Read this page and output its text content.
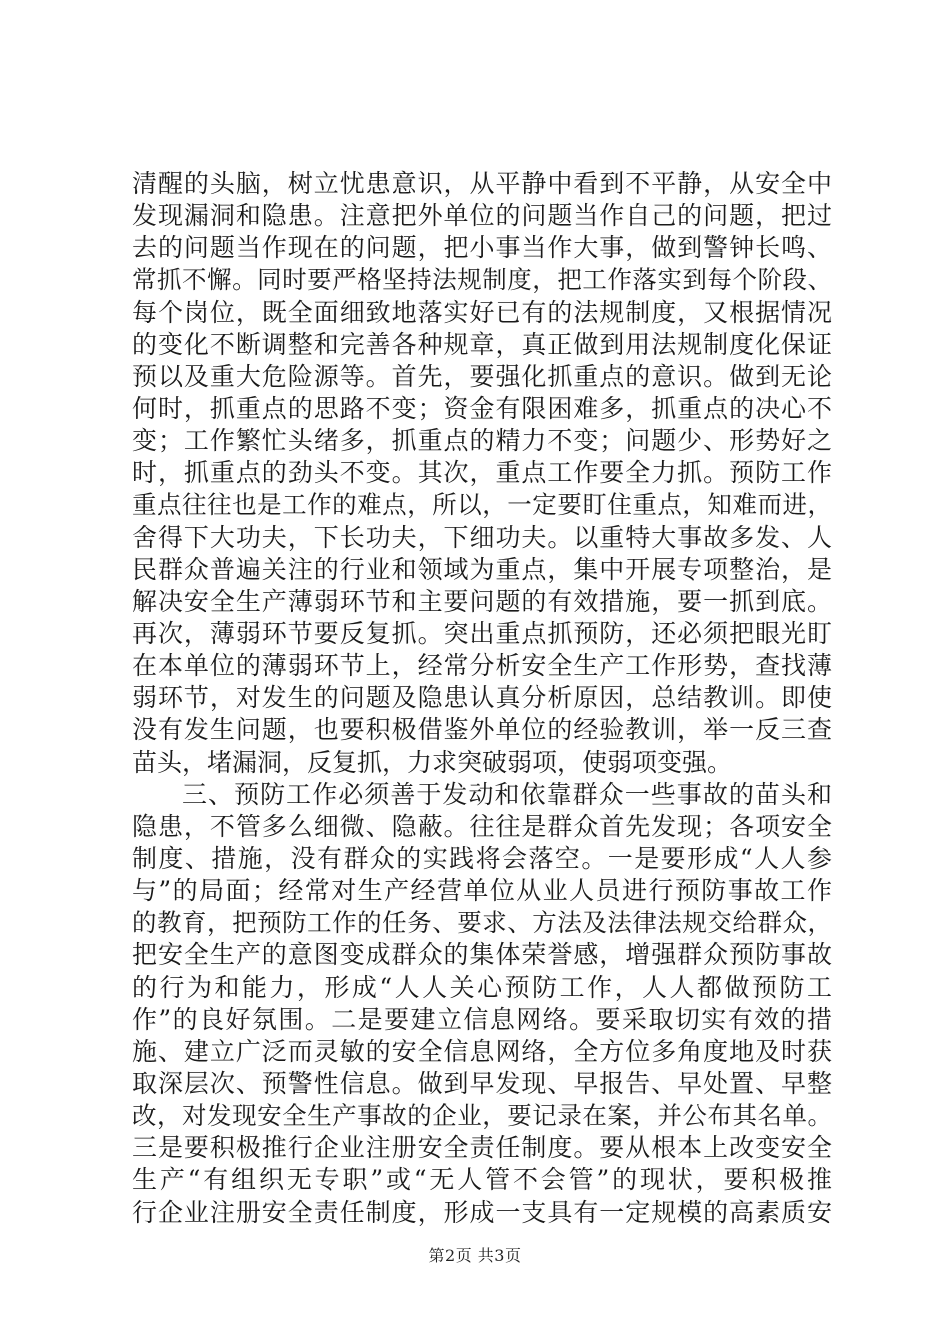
清醒的头脑，树立忧患意识，从平静中看到不平静，从安全中
发现漏洞和隐患。注意把外单位的问题当作自己的问题，把过
去的问题当作现在的问题，把小事当作大事，做到警钟长鸣、
常抓不懈。同时要严格坚持法规制度，把工作落实到每个阶段、
每个岗位，既全面细致地落实好已有的法规制度，又根据情况
的变化不断调整和完善各种规章，真正做到用法规制度化保证
预以及重大危险源等。首先，要强化抓重点的意识。做到无论
何时，抓重点的思路不变；资金有限困难多，抓重点的决心不
变；工作繁忙头绪多，抓重点的精力不变；问题少、形势好之
时，抓重点的劲头不变。其次，重点工作要全力抓。预防工作
重点往往也是工作的难点，所以，一定要盯住重点，知难而进，
舍得下大功夫，下长功夫，下细功夫。以重特大事故多发、人
民群众普遍关注的行业和领域为重点，集中开展专项整治，是
解决安全生产薄弱环节和主要问题的有效措施，要一抓到底。
再次，薄弱环节要反复抓。突出重点抓预防，还必须把眼光盯
在本单位的薄弱环节上，经常分析安全生产工作形势，查找薄
弱环节，对发生的问题及隐患认真分析原因，总结教训。即使
没有发生问题，也要积极借鉴外单位的经验教训，举一反三查
苗头，堵漏洞，反复抓，力求突破弱项，使弱项变强。
三、预防工作必须善于发动和依靠群众一些事故的苗头和
隐患，不管多么细微、隐蔽。往往是群众首先发现；各项安全
制度、措施，没有群众的实践将会落空。一是要形成“人人参
与”的局面；经常对生产经营单位从业人员进行预防事故工作
的教育，把预防工作的任务、要求、方法及法律法规交给群众，
把安全生产的意图变成群众的集体荣誉感，增强群众预防事故
的行为和能力，形成“人人关心预防工作，人人都做预防工
作”的良好氛围。二是要建立信息网络。要采取切实有效的措
施、建立广泛而灵敏的安全信息网络，全方位多角度地及时获
取深层次、预警性信息。做到早发现、早报告、早处置、早整
改，对发现安全生产事故的企业，要记录在案，并公布其名单。
三是要积极推行企业注册安全责任制度。要从根本上改变安全
生产“有组织无专职”或“无人管不会管”的现状，要积极推
行企业注册安全责任制度，形成一支具有一定规模的高素质安
第2页 共3页
